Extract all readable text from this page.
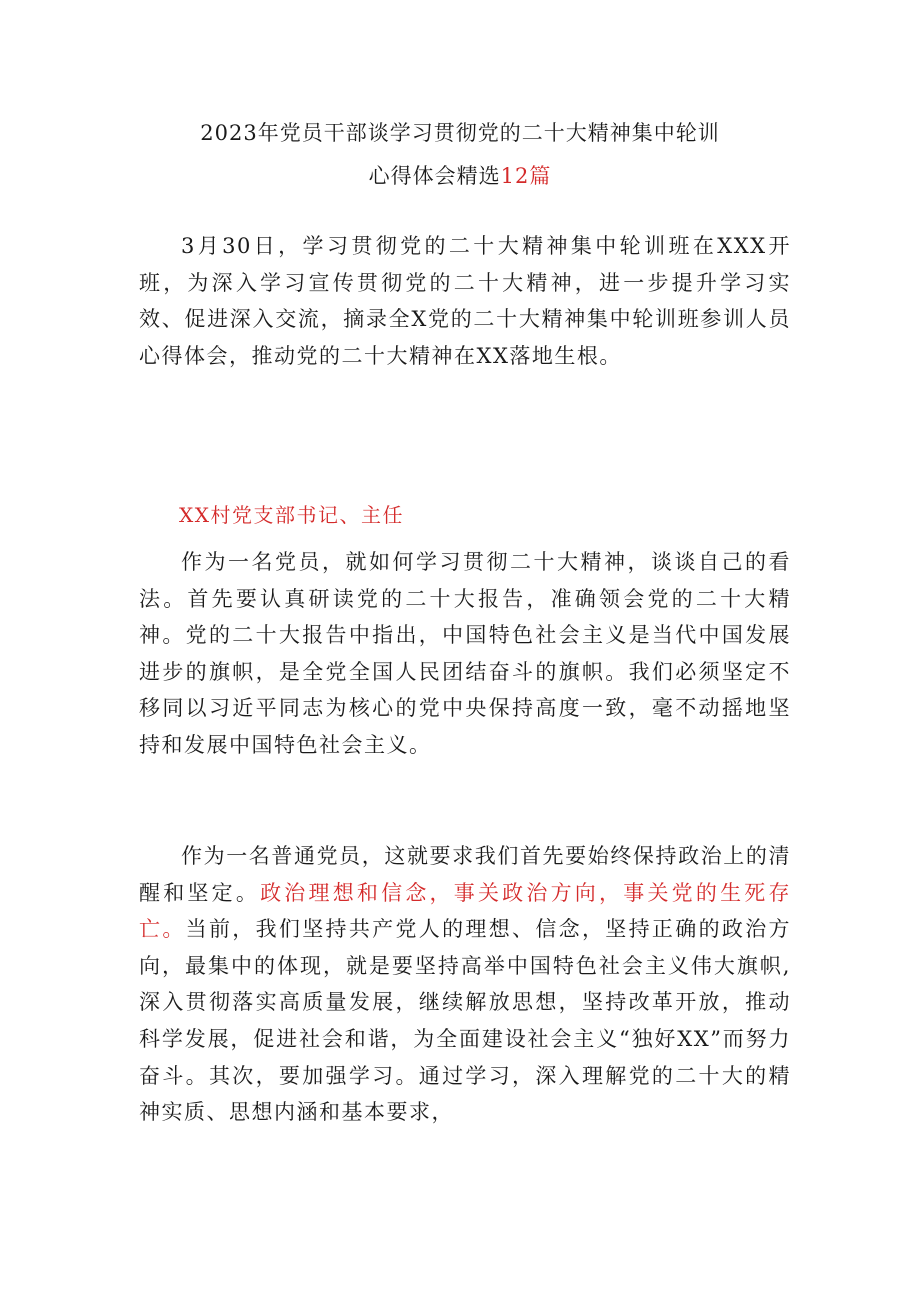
2023年党员干部谈学习贯彻党的二十大精神集中轮训
心得体会精选12篇
3月30日，学习贯彻党的二十大精神集中轮训班在XXX开班，为深入学习宣传贯彻党的二十大精神，进一步提升学习实效、促进深入交流，摘录全X党的二十大精神集中轮训班参训人员心得体会，推动党的二十大精神在XX落地生根。
XX村党支部书记、主任
作为一名党员，就如何学习贯彻二十大精神，谈谈自己的看法。首先要认真研读党的二十大报告，准确领会党的二十大精神。党的二十大报告中指出，中国特色社会主义是当代中国发展进步的旗帜，是全党全国人民团结奋斗的旗帜。我们必须坚定不移同以习近平同志为核心的党中央保持高度一致，毫不动摇地坚持和发展中国特色社会主义。
作为一名普通党员，这就要求我们首先要始终保持政治上的清醒和坚定。政治理想和信念，事关政治方向，事关党的生死存亡。当前，我们坚持共产党人的理想、信念，坚持正确的政治方向，最集中的体现，就是要坚持高举中国特色社会主义伟大旗帜,深入贯彻落实高质量发展，继续解放思想，坚持改革开放，推动科学发展，促进社会和谐，为全面建设社会主义“独好XX”而努力奋斗。其次，要加强学习。通过学习，深入理解党的二十大的精神实质、思想内涵和基本要求，
